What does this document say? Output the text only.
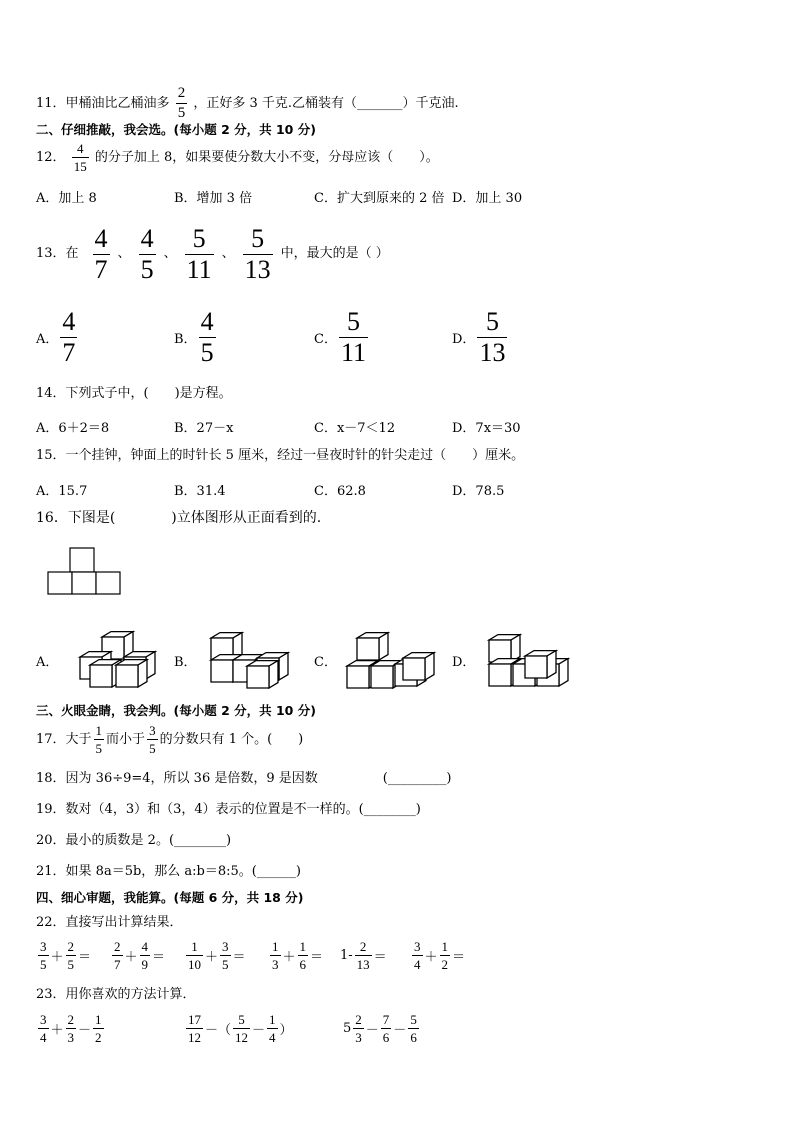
11．甲桶油比乙桶油多 $\frac{2}{5}$ ，正好多 3 千克.乙桶装有（_______）千克油.
二、仔细推敲，我会选。(每小题 2 分，共 10 分)
12． $\frac{4}{15}$ 的分子加上 8，如果要使分数大小不变，分母应该（　　）。
A．加上 8	B．增加 3 倍	C．扩大到原来的 2 倍 D．加上 30
13．在 $\frac{4}{7}$ 、 $\frac{4}{5}$ 、 $\frac{5}{11}$ 、 $\frac{5}{13}$ 中，最大的是（ ）
A． $\frac{4}{7}$	B． $\frac{4}{5}$	C． $\frac{5}{11}$	D． $\frac{5}{13}$
14．下列式子中，(　　)是方程。
A．6＋2＝8	B．27－x	C．x－7＜12	D．7x＝30
15．一个挂钟，钟面上的时针长 5 厘米，经过一昼夜时针的针尖走过（　　）厘米。
A．15.7	B．31.4	C．62.8	D．78.5
16．下图是(　　　　)立体图形从正面看到的.
A．	B．	C．	D．
三、火眼金睛，我会判。(每小题 2 分，共 10 分)
17．大于 $\frac{1}{5}$ 而小于 $\frac{3}{5}$ 的分数只有 1 个。(　　)
18．因为 36÷9=4，所以 36 是倍数，9 是因数　　　　　(_________)
19．数对（4，3）和（3，4）表示的位置是不一样的。(________)
20．最小的质数是 2。(________)
21．如果 8a＝5b，那么 a:b＝8:5。(______)
四、细心审题，我能算。(每题 6 分，共 18 分)
22．直接写出计算结果．
$\frac{3}{5} + \frac{2}{5} = \frac{2}{7} + \frac{4}{9} = \frac{1}{10} + \frac{3}{5} = \frac{1}{3} + \frac{1}{6} = 1- \frac{2}{13} = \frac{3}{4} + \frac{1}{2}$ ＝
23．用你喜欢的方法计算．
$\frac{3}{4} + \frac{2}{3} - \frac{1}{2}$	$\frac{17}{12}$ －（ $\frac{5}{12} - \frac{1}{4}$ ）	$5 \frac{2}{3} - \frac{7}{6} - \frac{5}{6}$
